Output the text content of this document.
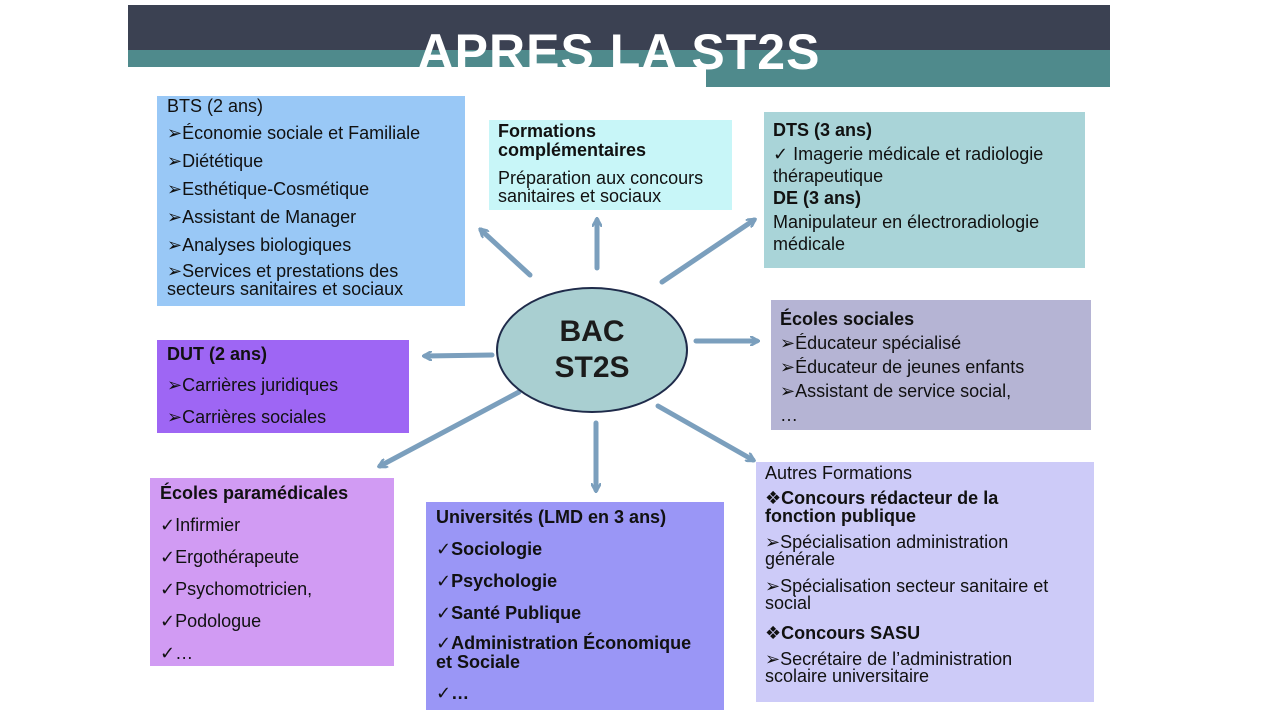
APRES LA ST2S
BTS (2 ans)
➢Économie sociale et Familiale
➢Diététique
➢Esthétique-Cosmétique
➢Assistant de Manager
➢Analyses biologiques
➢Services et prestations des
secteurs sanitaires et sociaux
Formations
complémentaires
Préparation aux concours
sanitaires et sociaux
DTS (3 ans)
✓ Imagerie médicale et radiologie
thérapeutique
DE (3 ans)
Manipulateur en électroradiologie
médicale
Écoles sociales
➢Éducateur spécialisé
➢Éducateur de jeunes enfants
➢Assistant de service social,
…
DUT (2 ans)
➢Carrières juridiques
➢Carrières sociales
Écoles paramédicales
✓Infirmier
✓Ergothérapeute
✓Psychomotricien,
✓Podologue
✓…
Universités (LMD en 3 ans)
✓Sociologie
✓Psychologie
✓Santé Publique
✓Administration Économique
et Sociale
✓…
Autres Formations
❖Concours rédacteur de la
fonction publique
➢Spécialisation administration
générale
➢Spécialisation secteur sanitaire et
social
❖Concours SASU
➢Secrétaire de l’administration
scolaire universitaire
BAC
ST2S
